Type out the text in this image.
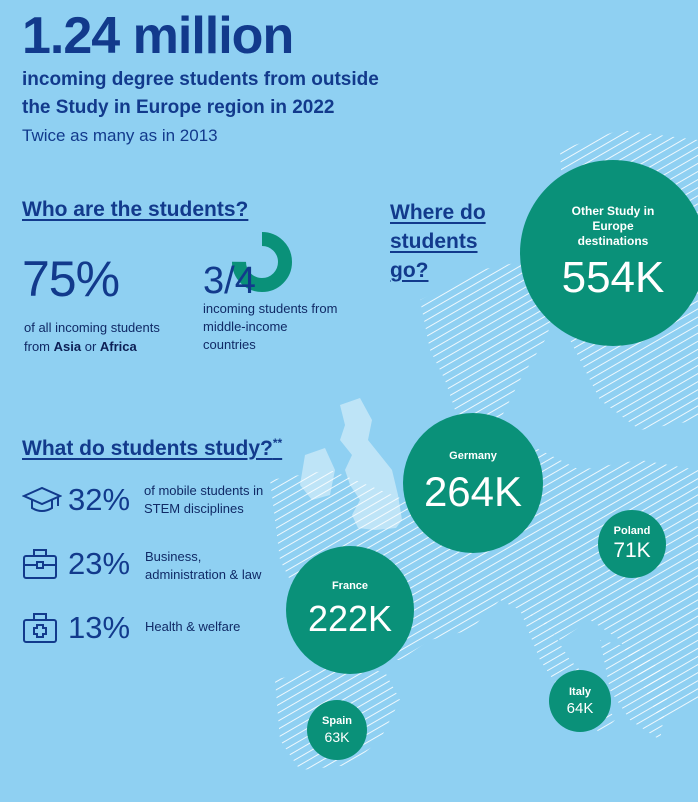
1.24 million
incoming degree students from outside
the Study in Europe region in 2022
Twice as many as in 2013
Who are the students?
75%
of all incoming students
from Asia or Africa
3/4
incoming students from middle-income countries
Where do
students
go?
Other Study in Europe destinations
554K
Germany
264K
France
222K
Poland
71K
Italy
64K
Spain
63K
What do students study?**
32% of mobile students in STEM disciplines
23% Business, administration & law
13% Health & welfare
